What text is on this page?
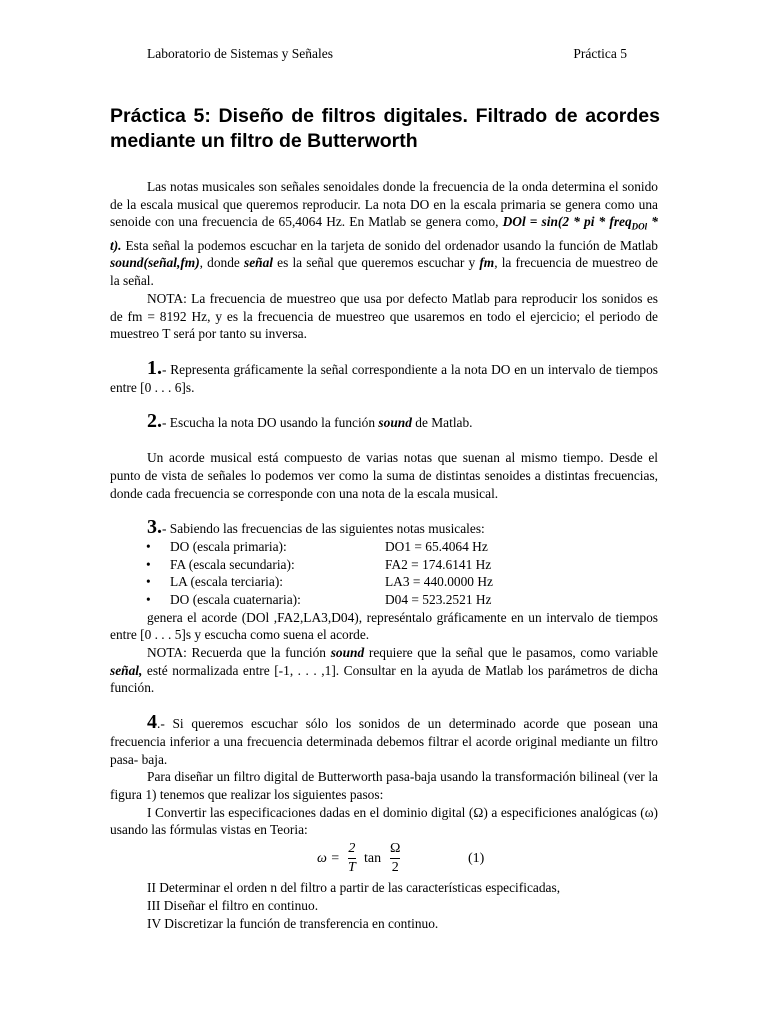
Laboratorio de Sistemas y Señales	Práctica 5
Práctica 5: Diseño de filtros digitales. Filtrado de acordes mediante un filtro de Butterworth

Las notas musicales son señales senoidales donde la frecuencia de la onda determina el sonido de la escala musical que queremos reproducir. La nota DO en la escala primaria se genera como una senoide con una frecuencia de 65,4064 Hz. En Matlab se genera como, DOl = sin(2 * pi * freq$_{DOl}$ * t). Esta señal la podemos escuchar en la tarjeta de sonido del ordenador usando la función de Matlab sound(señal,fm), donde señal es la señal que queremos escuchar y fm, la frecuencia de muestreo de la señal.

NOTA: La frecuencia de muestreo que usa por defecto Matlab para reproducir los sonidos es de fm = 8192 Hz, y es la frecuencia de muestreo que usaremos en todo el ejercicio; el periodo de muestreo T será por tanto su inversa.

1.- Representa gráficamente la señal correspondiente a la nota DO en un intervalo de tiempos entre [0 . . . 6]s.

2.- Escucha la nota DO usando la función sound de Matlab.

Un acorde musical está compuesto de varias notas que suenan al mismo tiempo. Desde el punto de vista de señales lo podemos ver como la suma de distintas senoides a distintas frecuencias, donde cada frecuencia se corresponde con una nota de la escala musical.

3.- Sabiendo las frecuencias de las siguientes notas musicales:

• DO (escala primaria):	DO1 = 65.4064 Hz
• FA (escala secundaria):	FA2 = 174.6141 Hz
• LA (escala terciaria):	LA3 = 440.0000 Hz
• DO (escala cuaternaria):	D04 = 523.2521 Hz

genera el acorde (DOl ,FA2,LA3,D04), represéntalo gráficamente en un intervalo de tiempos entre [0 . . . 5]s y escucha como suena el acorde.

NOTA: Recuerda que la función sound requiere que la señal que le pasamos, como variable señal, esté normalizada entre [-1, . . . ,1]. Consultar en la ayuda de Matlab los parámetros de dicha función.

4.- Si queremos escuchar sólo los sonidos de un determinado acorde que posean una frecuencia inferior a una frecuencia determinada debemos filtrar el acorde original mediante un filtro pasa- baja.

Para diseñar un filtro digital de Butterworth pasa-baja usando la transformación bilineal (ver la figura 1) tenemos que realizar los siguientes pasos:

I Convertir las especificaciones dadas en el dominio digital (Ω) a especificiones analógicas (ω) usando las fórmulas vistas en Teoria:

ω =
2
T
tan
Ω
2
(1)

II Determinar el orden n del filtro a partir de las características especificadas,

III Diseñar el filtro en continuo.

IV Discretizar la función de transferencia en continuo.
